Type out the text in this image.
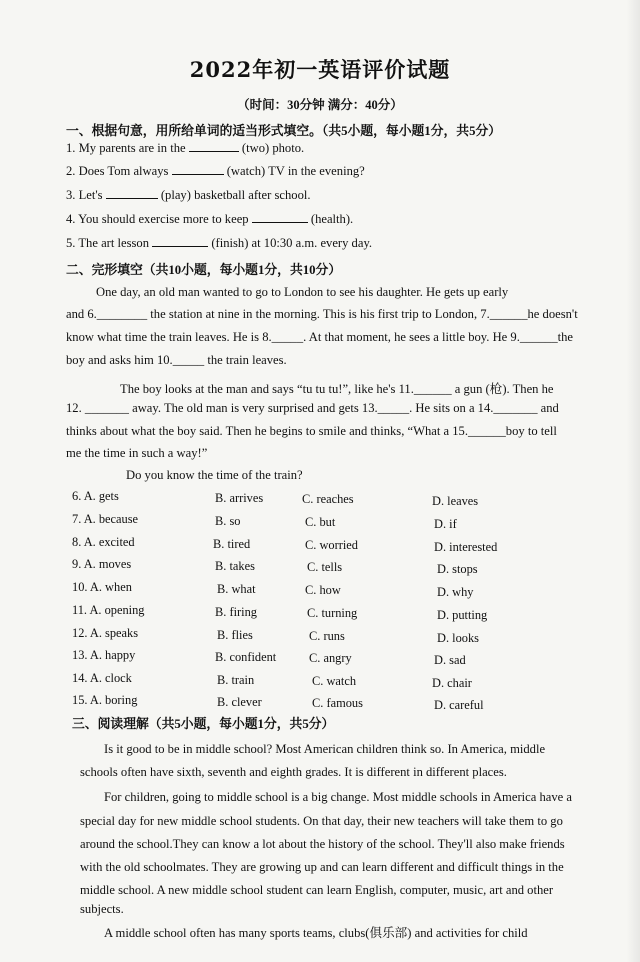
2022年初一英语评价试题
（时间：30分钟 满分：40分）
一、根据句意，用所给单词的适当形式填空。（共5小题，每小题1分，共5分）
1. My parents are in the	(two) photo.
2. Does Tom always	(watch) TV in the evening?
3. Let's	(play) basketball after school.
4. You should exercise more to keep	(health).
5. The art lesson	(finish) at 10:30 a.m. every day.
二、完形填空（共10小题，每小题1分，共10分）
One day, an old man wanted to go to London to see his daughter. He gets up early
and 6.________ the station at nine in the morning. This is his first trip to London, 7.______he doesn't
know what time the train leaves. He is 8._____. At that moment, he sees a little boy. He 9.______the
boy and asks him 10._____ the train leaves.
The boy looks at the man and says “tu tu tu!”, like he's 11.______ a gun (枪). Then he
12. _______ away. The old man is very surprised and gets 13._____. He sits on a 14._______ and
thinks about what the boy said. Then he begins to smile and thinks, “What a 15.______boy to tell
me the time in such a way!”
Do you know the time of the train?
6. A. gets	B. arrives	C. reaches	D. leaves
7. A. because	B. so	C. but	D. if
8. A. excited	B. tired	C. worried	D. interested
9. A. moves	B. takes	C. tells	D. stops
10. A. when	B. what	C. how	D. why
11. A. opening	B. firing	C. turning	D. putting
12. A. speaks	B. flies	C. runs	D. looks
13. A. happy	B. confident	C. angry	D. sad
14. A. clock	B. train	C. watch	D. chair
15. A. boring	B. clever	C. famous	D. careful
三、阅读理解（共5小题，每小题1分，共5分）
Is it good to be in middle school? Most American children think so. In America, middle
schools often have sixth, seventh and eighth grades. It is different in different places.
For children, going to middle school is a big change. Most middle schools in America have a
special day for new middle school students. On that day, their new teachers will take them to go
around the school.They can know a lot about the history of the school. They'll also make friends
with the old schoolmates. They are growing up and can learn different and difficult things in the
middle school. A new middle school student can learn English, computer, music, art and other
subjects.
A middle school often has many sports teams, clubs(俱乐部) and activities for child
